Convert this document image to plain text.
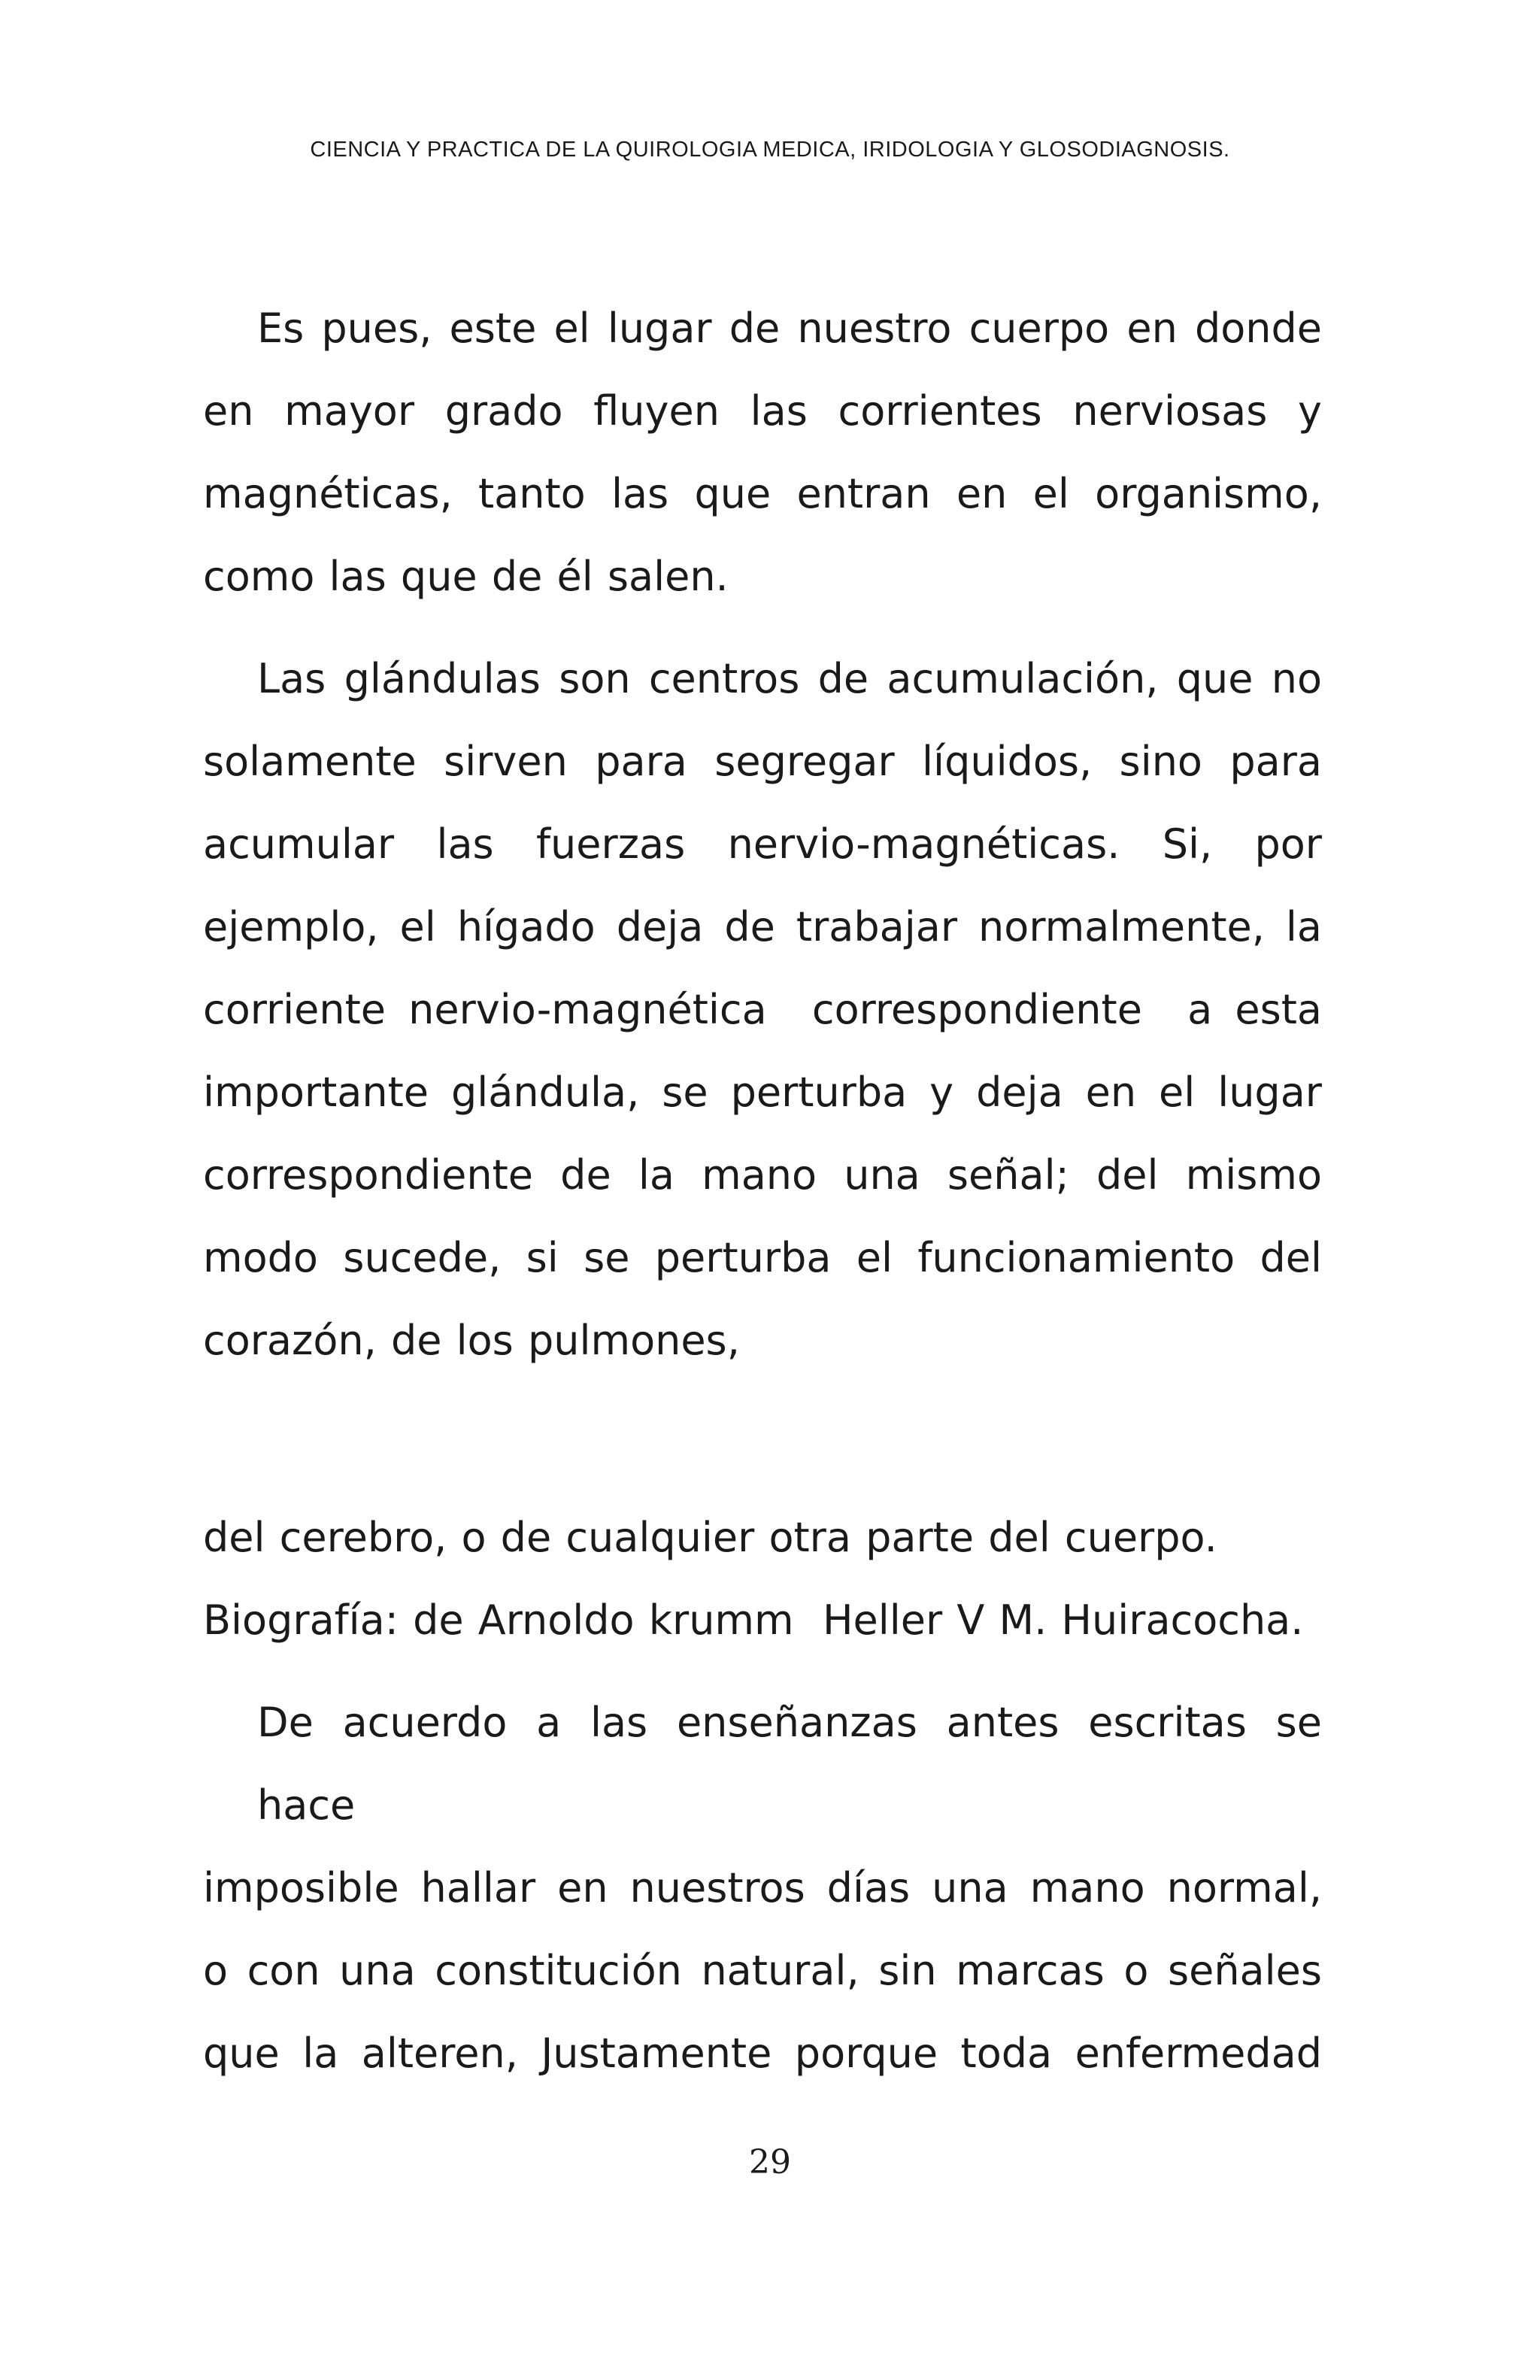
CIENCIA Y PRACTICA DE LA QUIROLOGIA MEDICA, IRIDOLOGIA Y GLOSODIAGNOSIS.
Es pues, este el lugar de nuestro cuerpo en donde
en mayor grado fluyen las corrientes nerviosas y
magnéticas, tanto las que entran en el organismo,
como las que de él salen.
Las glándulas son centros de acumulación, que no
solamente sirven para segregar líquidos, sino para
acumular las fuerzas nervio-magnéticas. Si, por
ejemplo, el hígado deja de trabajar normalmente, la
corriente nervio-magnética  correspondiente  a esta
importante glándula, se perturba y deja en el lugar
correspondiente de la mano una señal; del mismo
modo sucede, si se perturba el funcionamiento del
corazón, de los pulmones,
del cerebro, o de cualquier otra parte del cuerpo.
Biografía: de Arnoldo krumm  Heller V M. Huiracocha.
De acuerdo a las enseñanzas antes escritas se hace
imposible hallar en nuestros días una mano normal,
o con una constitución natural, sin marcas o señales
que la alteren, Justamente porque toda enfermedad
29
